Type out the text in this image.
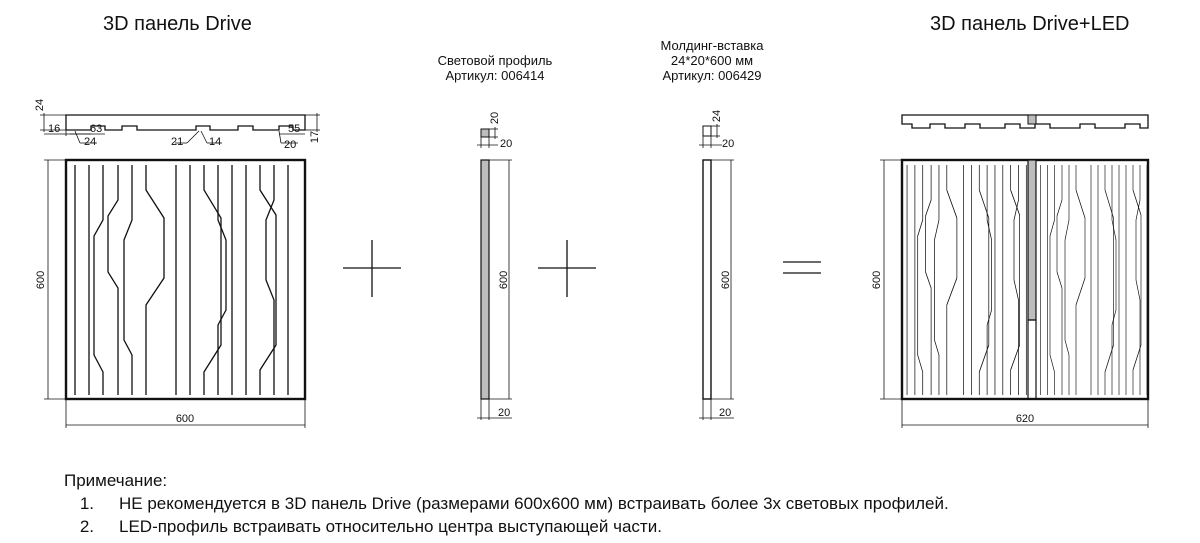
3D панель Drive	3D панель Drive+LED
Световой профиль
Артикул: 006414
Молдинг-вставка
24*20*600 мм
Артикул: 006429
24
16	63
24	21 14
55
20
17
600
600
20
20
600
20
24
20
600
20
600
620
Примечание:
1. НЕ рекомендуется в 3D панель Drive (размерами 600х600 мм) встраивать более 3х световых профилей.
2. LED-профиль встраивать относительно центра выступающей части.
